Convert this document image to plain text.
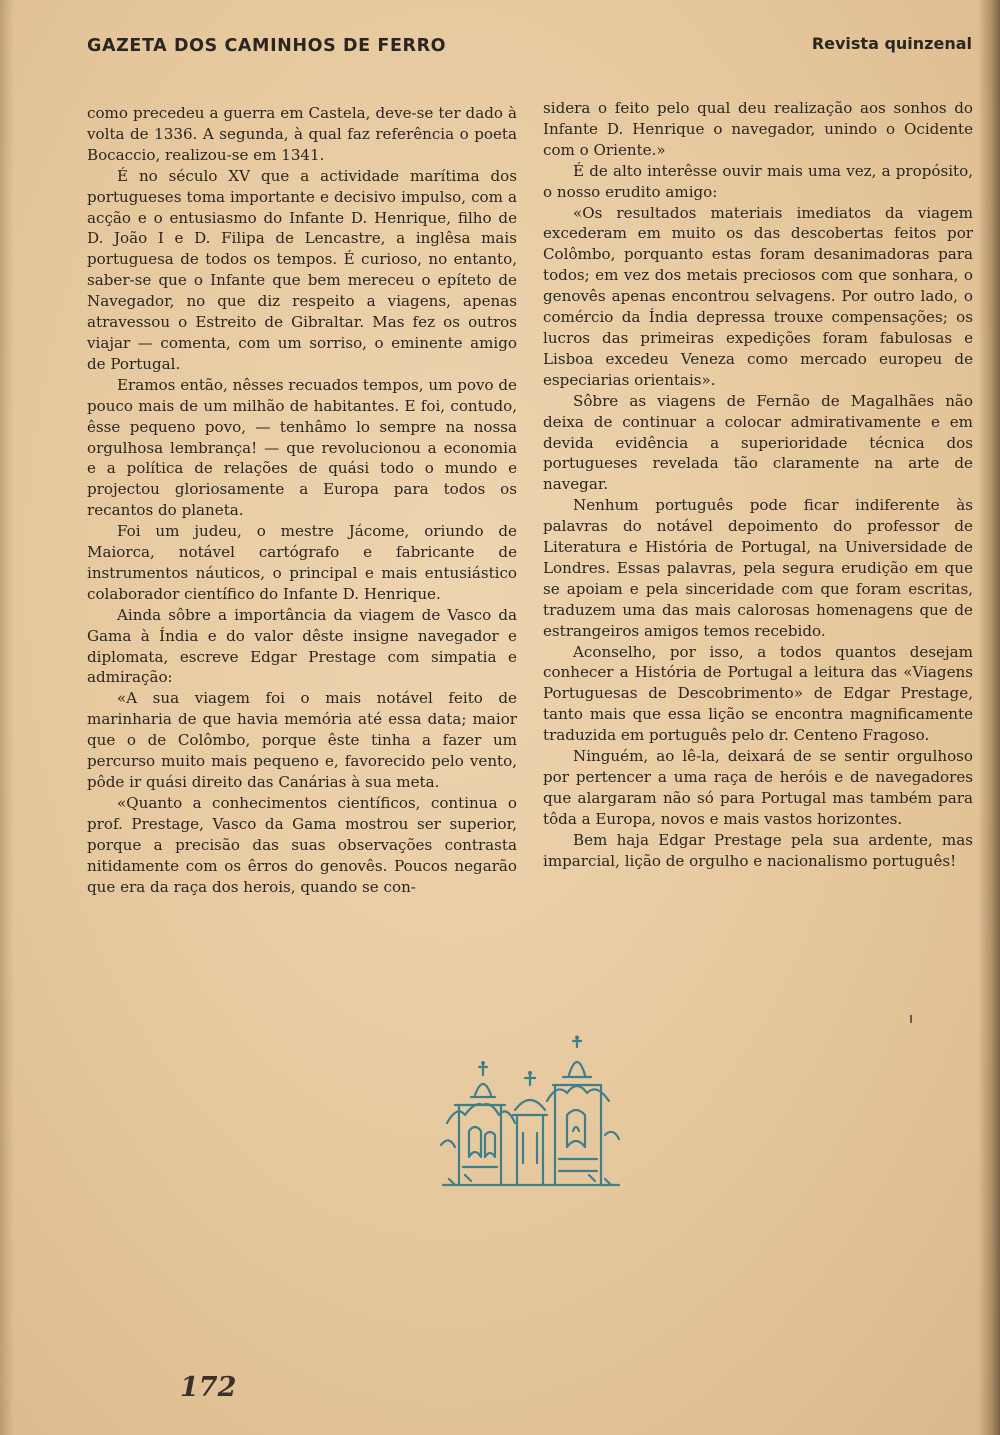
GAZETA DOS CAMINHOS DE FERRO	Revista quinzenal

como precedeu a guerra em Castela, deve-se ter dado à volta de 1336. A segunda, à qual faz referência o poeta Bocaccio, realizou-se em 1341.

É no século XV que a actividade marítima dos portugueses toma importante e decisivo impulso, com a acção e o entusiasmo do Infante D. Henrique, filho de D. João I e D. Filipa de Lencastre, a inglêsa mais portuguesa de todos os tempos. É curioso, no entanto, saber-se que o Infante que bem mereceu o epíteto de Navegador, no que diz respeito a viagens, apenas atravessou o Estreito de Gibraltar. Mas fez os outros viajar — comenta, com um sorriso, o eminente amigo de Portugal.

Eramos então, nêsses recuados tempos, um povo de pouco mais de um milhão de habitantes. E foi, contudo, êsse pequeno povo, — tenhâmo lo sempre na nossa orgulhosa lembrança! — que revolucionou a economia e a política de relações de quási todo o mundo e projectou gloriosamente a Europa para todos os recantos do planeta.

Foi um judeu, o mestre Jácome, oriundo de Maiorca, notável cartógrafo e fabricante de instrumentos náuticos, o principal e mais entusiástico colaborador científico do Infante D. Henrique.

Ainda sôbre a importância da viagem de Vasco da Gama à Índia e do valor dêste insigne navegador e diplomata, escreve Edgar Prestage com simpatia e admiração:

«A sua viagem foi o mais notável feito de marinharia de que havia memória até essa data; maior que o de Colômbo, porque êste tinha a fazer um percurso muito mais pequeno e, favorecido pelo vento, pôde ir quási direito das Canárias à sua meta.

«Quanto a conhecimentos científicos, continua o prof. Prestage, Vasco da Gama mostrou ser superior, porque a precisão das suas observações contrasta nitidamente com os êrros do genovês. Poucos negarão que era da raça dos herois, quando se con-

sidera o feito pelo qual deu realização aos sonhos do Infante D. Henrique o navegador, unindo o Ocidente com o Oriente.»

É de alto interêsse ouvir mais uma vez, a propósito, o nosso erudito amigo:

«Os resultados materiais imediatos da viagem excederam em muito os das descobertas feitos por Colômbo, porquanto estas foram desanimadoras para todos; em vez dos metais preciosos com que sonhara, o genovês apenas encontrou selvagens. Por outro lado, o comércio da Índia depressa trouxe compensações; os lucros das primeiras expedições foram fabulosas e Lisboa excedeu Veneza como mercado europeu de especiarias orientais».

Sôbre as viagens de Fernão de Magalhães não deixa de continuar a colocar admirativamente e em devida evidência a superioridade técnica dos portugueses revelada tão claramente na arte de navegar.

Nenhum português pode ficar indiferente às palavras do notável depoimento do professor de Literatura e História de Portugal, na Universidade de Londres. Essas palavras, pela segura erudição em que se apoiam e pela sinceridade com que foram escritas, traduzem uma das mais calorosas homenagens que de estrangeiros amigos temos recebido.

Aconselho, por isso, a todos quantos desejam conhecer a História de Portugal a leitura das «Viagens Portuguesas de Descobrimento» de Edgar Prestage, tanto mais que essa lição se encontra magnificamente traduzida em português pelo dr. Centeno Fragoso.

Ninguém, ao lê-la, deixará de se sentir orgulhoso por pertencer a uma raça de heróis e de navegadores que alargaram não só para Portugal mas também para tôda a Europa, novos e mais vastos horizontes.

Bem haja Edgar Prestage pela sua ardente, mas imparcial, lição de orgulho e nacionalismo português!

172
